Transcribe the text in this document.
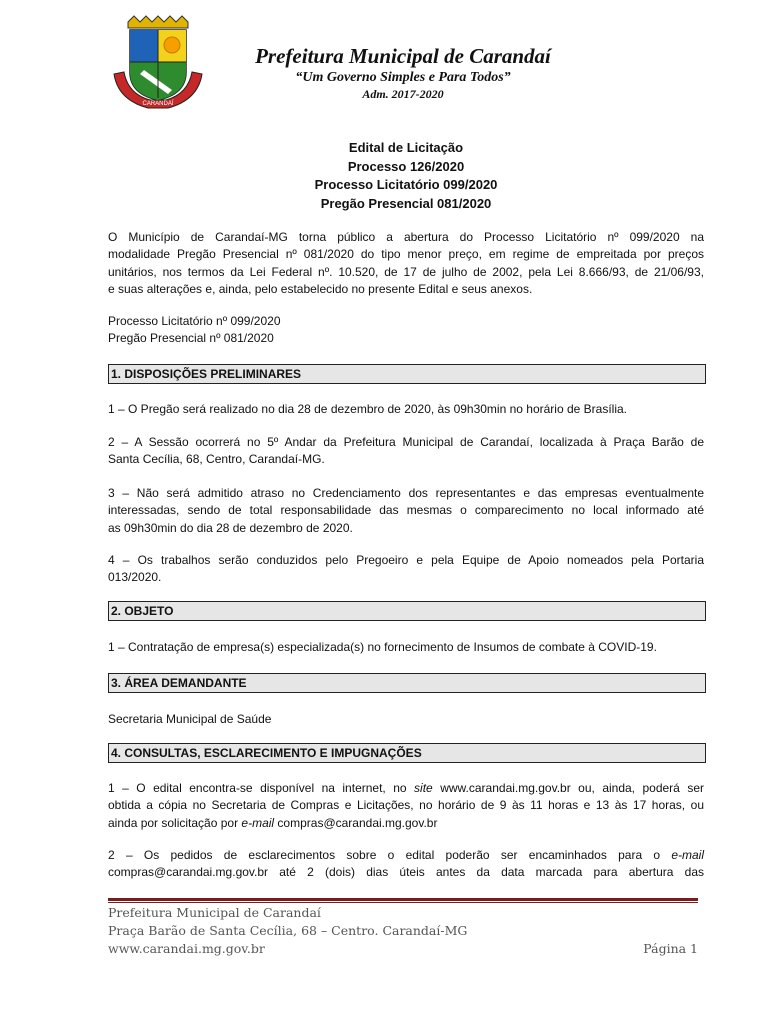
CARANDAÍ
Prefeitura Municipal de Carandaí
“Um Governo Simples e Para Todos”
Adm. 2017-2020
Edital de Licitação
Processo 126/2020
Processo Licitatório 099/2020
Pregão Presencial 081/2020
O Município de Carandaí-MG torna público a abertura do Processo Licitatório nº 099/2020 na
modalidade Pregão Presencial nº 081/2020 do tipo menor preço, em regime de empreitada por preços
unitários, nos termos da Lei Federal nº. 10.520, de 17 de julho de 2002, pela Lei 8.666/93, de 21/06/93,
e suas alterações e, ainda, pelo estabelecido no presente Edital e seus anexos.
Processo Licitatório nº 099/2020
Pregão Presencial nº 081/2020
1. DISPOSIÇÕES PRELIMINARES
1 – O Pregão será realizado no dia 28 de dezembro de 2020, às 09h30min no horário de Brasília.
2 – A Sessão ocorrerá no 5º Andar da Prefeitura Municipal de Carandaí, localizada à Praça Barão de
Santa Cecília, 68, Centro, Carandaí-MG.
3 – Não será admitido atraso no Credenciamento dos representantes e das empresas eventualmente
interessadas, sendo de total responsabilidade das mesmas o comparecimento no local informado até
as 09h30min do dia 28 de dezembro de 2020.
4 – Os trabalhos serão conduzidos pelo Pregoeiro e pela Equipe de Apoio nomeados pela Portaria
013/2020.
2. OBJETO
1 – Contratação de empresa(s) especializada(s) no fornecimento de Insumos de combate à COVID-19.
3. ÁREA DEMANDANTE
Secretaria Municipal de Saúde
4. CONSULTAS, ESCLARECIMENTO E IMPUGNAÇÕES
1 – O edital encontra-se disponível na internet, no site www.carandai.mg.gov.br ou, ainda, poderá ser
obtida a cópia no Secretaria de Compras e Licitações, no horário de 9 às 11 horas e 13 às 17 horas, ou
ainda por solicitação por e-mail compras@carandai.mg.gov.br
2 – Os pedidos de esclarecimentos sobre o edital poderão ser encaminhados para o e-mail
compras@carandai.mg.gov.br até 2 (dois) dias úteis antes da data marcada para abertura das
Prefeitura Municipal de Carandaí
Praça Barão de Santa Cecília, 68 – Centro. Carandaí-MG
www.carandai.mg.gov.br	Página 1
